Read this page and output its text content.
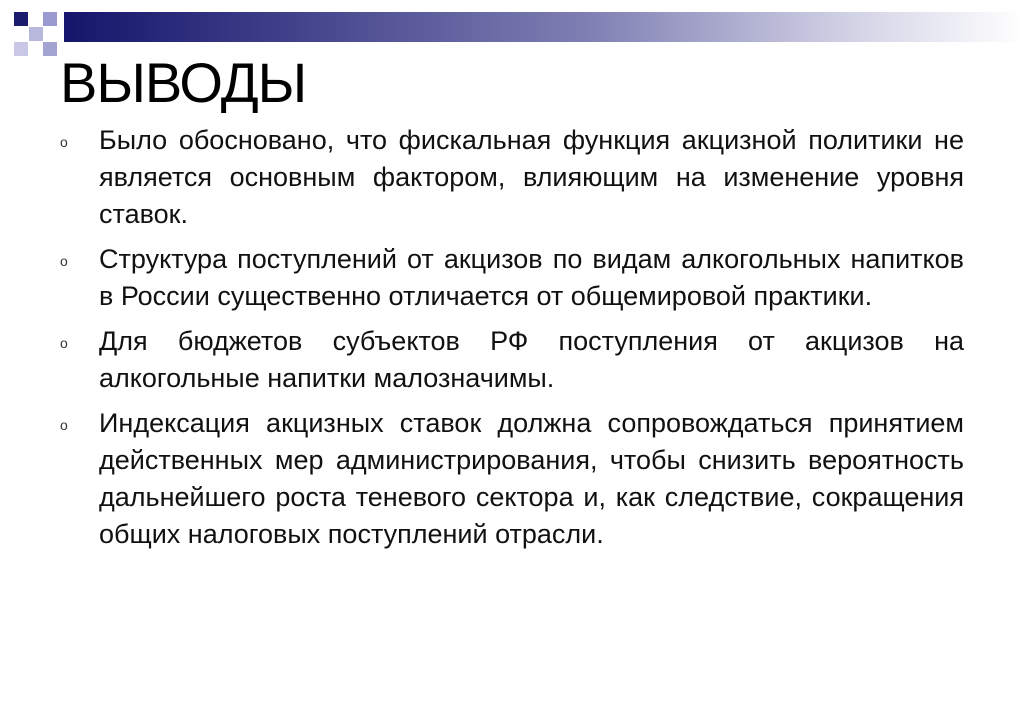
ВЫВОДЫ
o Было обосновано, что фискальная функция акцизной политики не является основным фактором, влияющим на изменение уровня ставок.
o Структура поступлений от акцизов по видам алкогольных напитков в России существенно отличается от общемировой практики.
o Для бюджетов субъектов РФ поступления от акцизов на алкогольные напитки малозначимы.
o Индексация акцизных ставок должна сопровождаться принятием действенных мер администрирования, чтобы снизить вероятность дальнейшего роста теневого сектора и, как следствие, сокращения общих налоговых поступлений отрасли.
